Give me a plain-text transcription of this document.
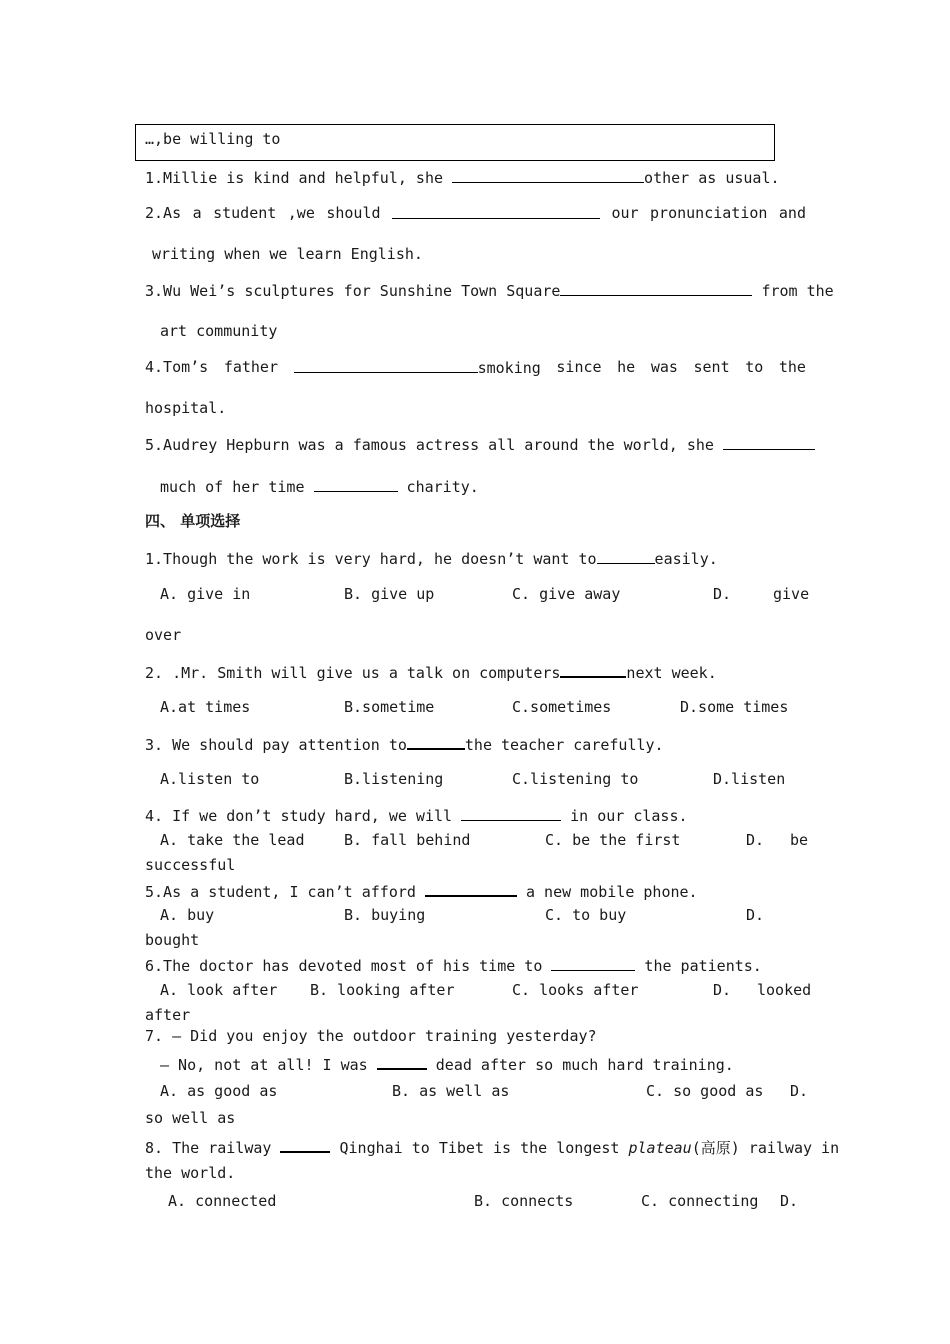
…,be willing to
1.Millie is kind and helpful, she	other as usual.
2.As a student ,we should	our pronunciation and
writing when we learn English.
3.Wu Wei’s sculptures for Sunshine Town Square	from the
art community
4.Tom’s father	smoking since he was sent to the
hospital.
5.Audrey Hepburn was a famous actress all around the world, she
much of her time	charity.
四、 单项选择
1.Though the work is very hard, he doesn’t want to	easily.
A. give in	B. give up	C. give away	D.	give
over
2. .Mr. Smith will give us a talk on computers	next week.
A.at times	B.sometime	C.sometimes	D.some times
3. We should pay attention to	the teacher carefully.
A.listen to	B.listening	C.listening to	D.listen
4. If we don’t study hard, we will	in our class.
A. take the lead	B. fall behind	C. be the first	D. be
successful
5.As a student, I can’t afford	a new mobile phone.
A. buy	B. buying	C. to buy	D.
bought
6.The doctor has devoted most of his time to	the patients.
A. look after B. looking after	C. looks after	D. looked
after
7. — Did you enjoy the outdoor training yesterday?
— No, not at all! I was	dead after so much hard training.
A. as good as	B. as well as	C. so good as D.
so well as
8. The railway	Qinghai to Tibet is the longest plateau(高原) railway in
the world.
A. connected	B. connects	C. connecting D.
